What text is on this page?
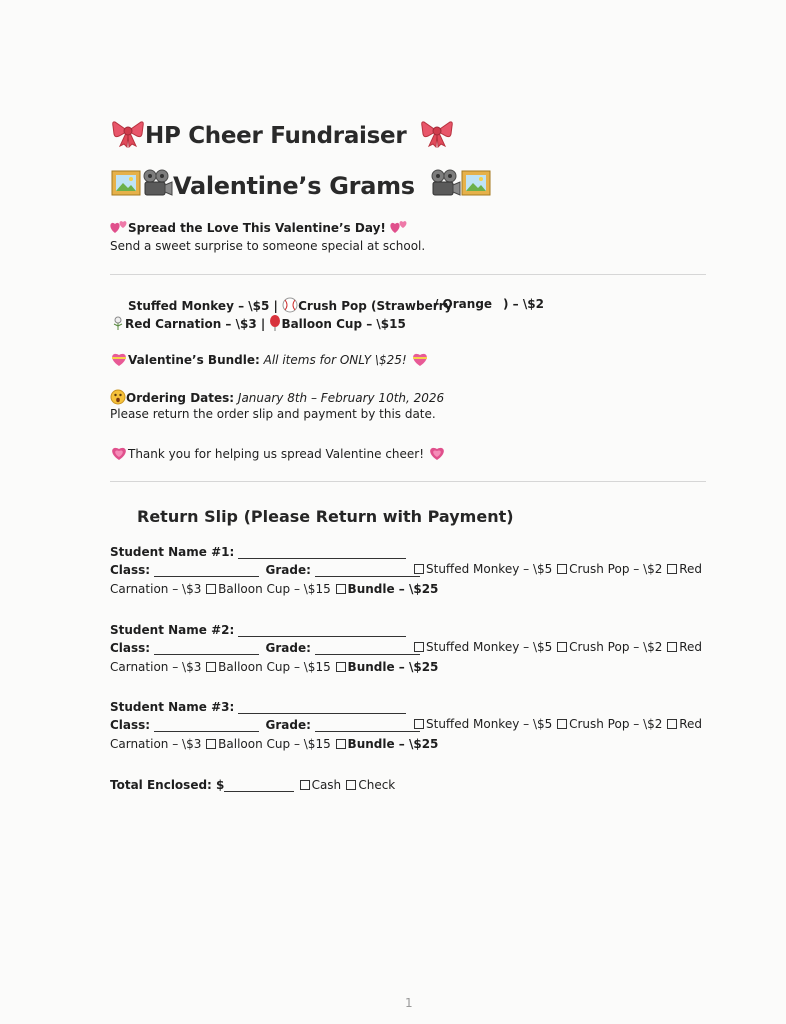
HP Cheer Fundraiser
Valentine’s Grams
Spread the Love This Valentine’s Day!
Send a sweet surprise to someone special at school.
Stuffed Monkey – \$5 | Crush Pop (Strawberry
/ Orange ) – \$2
Red Carnation – \$3 | Balloon Cup – \$15
Valentine’s Bundle: All items for ONLY \$25!
Ordering Dates: January 8th – February 10th, 2026
Please return the order slip and payment by this date.
Thank you for helping us spread Valentine cheer!
Return Slip (Please Return with Payment)
Student Name #1:
Class:	Grade:	Stuffed Monkey – \$5 Crush Pop – \$2 Red
Carnation – \$3 Balloon Cup – \$15 Bundle – \$25
Student Name #2:
Class:	Grade:	Stuffed Monkey – \$5 Crush Pop – \$2 Red
Carnation – \$3 Balloon Cup – \$15 Bundle – \$25
Student Name #3:
Class:	Grade:	Stuffed Monkey – \$5 Crush Pop – \$2 Red
Carnation – \$3 Balloon Cup – \$15 Bundle – \$25
Total Enclosed: $	Cash Check
1
